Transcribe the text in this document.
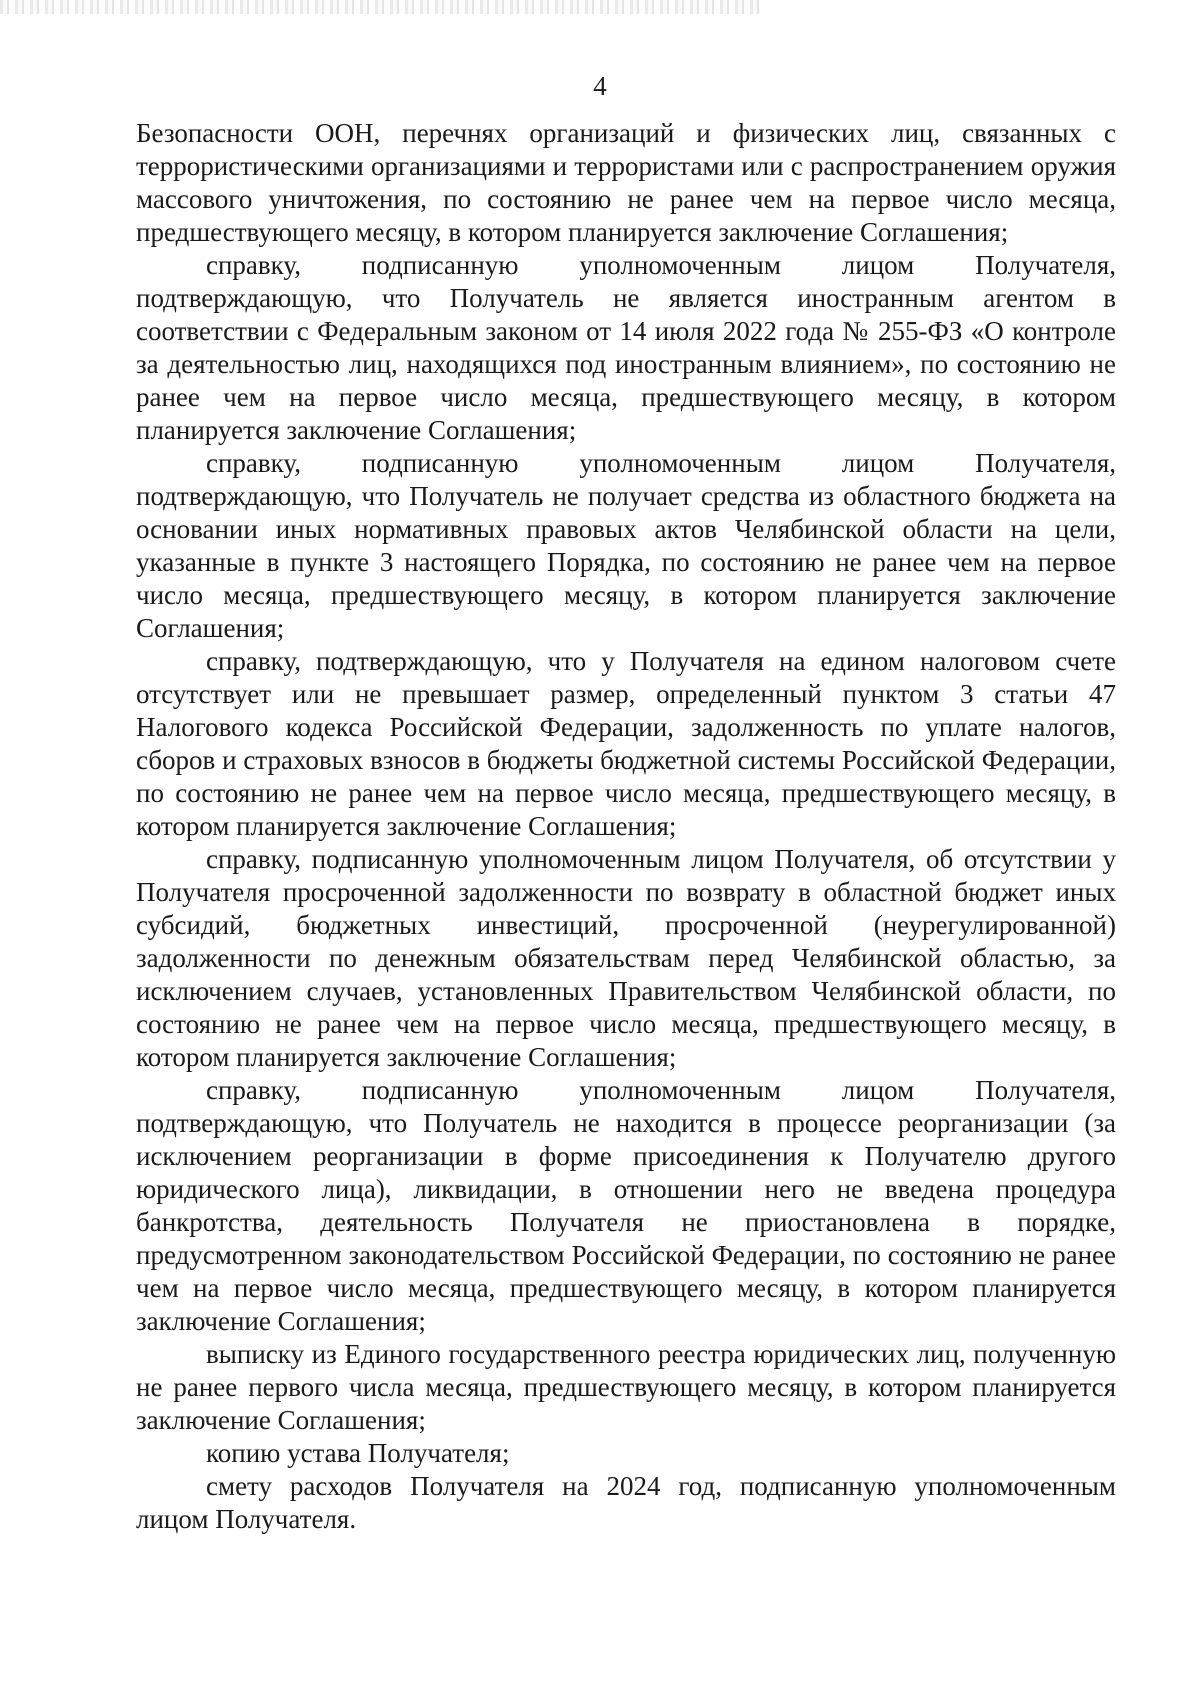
4

Безопасности ООН, перечнях организаций и физических лиц, связанных с террористическими организациями и террористами или с распространением оружия массового уничтожения, по состоянию не ранее чем на первое число месяца, предшествующего месяцу, в котором планируется заключение Соглашения;

справку, подписанную уполномоченным лицом Получателя, подтверждающую, что Получатель не является иностранным агентом в соответствии с Федеральным законом от 14 июля 2022 года № 255-ФЗ «О контроле за деятельностью лиц, находящихся под иностранным влиянием», по состоянию не ранее чем на первое число месяца, предшествующего месяцу, в котором планируется заключение Соглашения;

справку, подписанную уполномоченным лицом Получателя, подтверждающую, что Получатель не получает средства из областного бюджета на основании иных нормативных правовых актов Челябинской области на цели, указанные в пункте 3 настоящего Порядка, по состоянию не ранее чем на первое число месяца, предшествующего месяцу, в котором планируется заключение Соглашения;

справку, подтверждающую, что у Получателя на едином налоговом счете отсутствует или не превышает размер, определенный пунктом 3 статьи 47 Налогового кодекса Российской Федерации, задолженность по уплате налогов, сборов и страховых взносов в бюджеты бюджетной системы Российской Федерации, по состоянию не ранее чем на первое число месяца, предшествующего месяцу, в котором планируется заключение Соглашения;

справку, подписанную уполномоченным лицом Получателя, об отсутствии у Получателя просроченной задолженности по возврату в областной бюджет иных субсидий, бюджетных инвестиций, просроченной (неурегулированной) задолженности по денежным обязательствам перед Челябинской областью, за исключением случаев, установленных Правительством Челябинской области, по состоянию не ранее чем на первое число месяца, предшествующего месяцу, в котором планируется заключение Соглашения;

справку, подписанную уполномоченным лицом Получателя, подтверждающую, что Получатель не находится в процессе реорганизации (за исключением реорганизации в форме присоединения к Получателю другого юридического лица), ликвидации, в отношении него не введена процедура банкротства, деятельность Получателя не приостановлена в порядке, предусмотренном законодательством Российской Федерации, по состоянию не ранее чем на первое число месяца, предшествующего месяцу, в котором планируется заключение Соглашения;

выписку из Единого государственного реестра юридических лиц, полученную не ранее первого числа месяца, предшествующего месяцу, в котором планируется заключение Соглашения;

копию устава Получателя;

смету расходов Получателя на 2024 год, подписанную уполномоченным лицом Получателя.
